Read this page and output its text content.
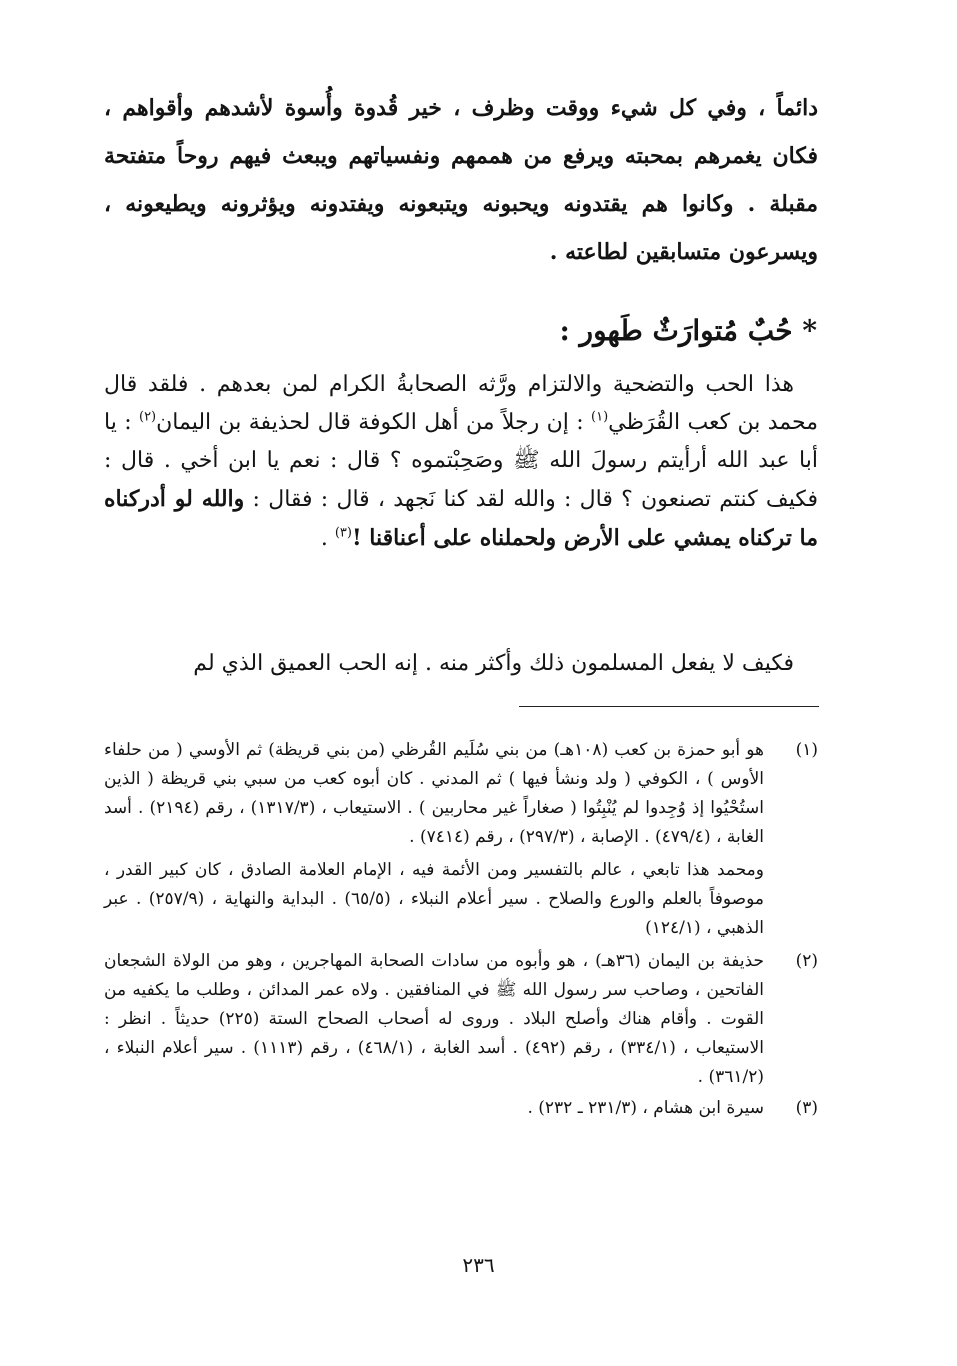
دائماً ، وفي كل شيء ووقت وظرف ، خير قُدوة وأُسوة لأشدهم وأقواهم ، فكان يغمرهم بمحبته ويرفع من هممهم ونفسياتهم ويبعث فيهم روحاً متفتحة مقبلة . وكانوا هم يقتدونه ويحبونه ويتبعونه ويفتدونه ويؤثرونه ويطيعونه ، ويسرعون متسابقين لطاعته .
* حُبٌ مُتوارَثٌ طَهور :

هذا الحب والتضحية والالتزام ورَّثه الصحابةُ الكرام لمن بعدهم . فلقد قال محمد بن كعب القُرَظي$^{(١)}$ : إن رجلاً من أهل الكوفة قال لحذيفة بن اليمان$^{(٢)}$ : يا أبا عبد الله أرأيتم رسولَ الله ﷺ وصَحِبْتموه ؟ قال : نعم يا ابن أخي . قال : فكيف كنتم تصنعون ؟ قال : والله لقد كنا نَجهد ، قال : فقال : والله لو أدركناه ما تركناه يمشي على الأرض ولحملناه على أعناقنا !$^{(٣)}$ .

فكيف لا يفعل المسلمون ذلك وأكثر منه . إنه الحب العميق الذي لم

(١)
هو أبو حمزة بن كعب (١٠٨هـ) من بني سُلَيم القُرظي (من بني قريظة) ثم الأوسي ( من حلفاء الأوس ) ، الكوفي ( ولد ونشأ فيها ) ثم المدني . كان أبوه كعب من سبي بني قريظة ( الذين استُحْيُوا إذ وُجِدوا لم يُنْبِتُوا ( صغاراً غير محاربين ) . الاستيعاب ، (١٣١٧/٣) ، رقم (٢١٩٤) . أسد الغابة ، (٤٧٩/٤) . الإصابة ، (٢٩٧/٣) ، رقم (٧٤١٤) .
ومحمد هذا تابعي ، عالم بالتفسير ومن الأئمة فيه ، الإمام العلامة الصادق ، كان كبير القدر ، موصوفاً بالعلم والورع والصلاح . سير أعلام النبلاء ، (٦٥/٥) . البداية والنهاية ، (٢٥٧/٩) . عبر الذهبي ، (١٢٤/١)
(٢)
حذيفة بن اليمان (٣٦هـ) ، هو وأبوه من سادات الصحابة المهاجرين ، وهو من الولاة الشجعان الفاتحين ، وصاحب سر رسول الله ﷺ في المنافقين . ولاه عمر المدائن ، وطلب ما يكفيه من القوت . وأقام هناك وأصلح البلاد . وروى له أصحاب الصحاح الستة (٢٢٥) حديثاً . انظر : الاستيعاب ، (٣٣٤/١) ، رقم (٤٩٢) . أسد الغابة ، (٤٦٨/١) ، رقم (١١١٣) . سير أعلام النبلاء ، (٣٦١/٢) .
(٣)
سيرة ابن هشام ، (٢٣١/٣ ـ ٢٣٢) .
٢٣٦
